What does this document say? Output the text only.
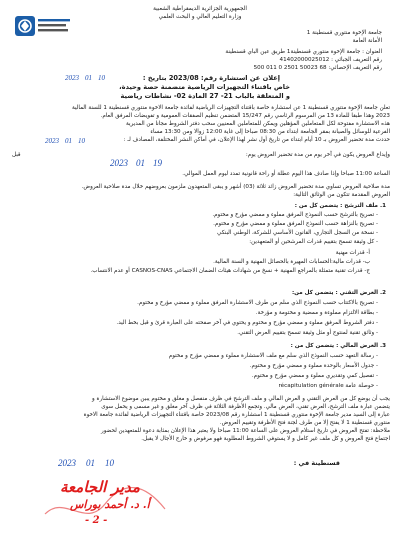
الجمهورية الجزائرية الديمقراطية الشعبية
وزارة التعليم العالي و البحث العلمي
جامعة الإخوة منتوري قسنطينة 1
الأمانة العامة
العنوان : جامعة الإخوة منتوري قسنطينة1 طريق عين الباي قسنطينة
رقم التعريف الجبائي : 41402000025012
رقم التعريف الإحصائي: 68 50023 2501 0 011 500
إعلان عن استشارة رقم: 2023/08 بتاريخ :
2023 01 10
خاص باقتناء التجهيزات الرياضية متضمنة حصة وحيدة،
و المتعلقة بالباب 21- 27 المادة 02- نشاطات رياضية
تعلن جامعة الإخوة منتوري قسنطينة 1 عن استشارة خاصة باقتناء التجهيزات الرياضية لفائدة جامعة الاخوة منتوري قسنطينة 1 للسنة المالية
2023 وهذا طبقا للمادة 13 من المرسوم الرئاسي رقم 15/247 المتضمن تنظيم الصفقات العمومية و تفويضات المرفق العام.
هذه الاستشارة مفتوحة لكل المتعاملين المؤهلين ويمكن للمتعاملين المعنيين سحب دفتر الشروط مجانا من المديرية
الفرعية للوسائل والصيانة بمقر الجامعة ابتداء من 08:30 صباحا إلى غاية 12:00 زوالا ومن 13:30 مساء
حددت مدة تحضير العروض بـ 10 أيام ابتداء من تاريخ أول نشر لهذا الإعلان، في أماكن النشر المختلفة، المصادف لـ :
2023 01 10
وإيداع العروض يكون في آخر يوم من مدة تحضير العروض يوم:
قبل
2023 01 19
الساعة 11:00 صباحا وإذا صادف هذا اليوم عطلة أو راحة قانونية تمدد ليوم العمل الموالي.
مدة صلاحية العروض تساوي مدة تحضير العروض زائد ثلاثة (03) أشهر و يبقى المتعهدون ملزمون بعروضهم خلال مدة صلاحية العروض.
العروض المقدمة تتكون من الوثائق التالية:
1. ملف الترشح : يتضمن كل من :
- تصريح بالترشح حسب النموذج المرفق مملوء و ممضي مؤرخ و مختوم.
- تصريح بالنزاهة حسب النموذج المرفق مملوء و ممضي مؤرخ و مختوم.
- نسخة من السجل التجاري، القانون الأساسي للشركة، الوطني البنكي
- كل وثيقة تسمح بتقييم قدرات المرشحين أو المتعهدين:
أ- قدرات مهنية
ب- قدرات مالية:الحسابات المهيرة بالحصائل المهنية و السنة المالية.
ج- قدرات تقنية متمثلة بالمراجع المهنية + نسخ من شهادات هيئات الضمان الاجتماعي CASNOS-CNAS أو عدم الانتساب.
2. العرض التقني : يتضمن كل من:
- تصريح بالاكتتاب حسب النموذج الذي سلم من طرف الاستشارة المرفق مملوء و ممضي مؤرخ و مختوم.
- بطاقة الالتزام مملوءة و ممضية و مختومة و مؤرخة.
- دفتر الشروط المرفق مملوء و ممضي مؤرخ و مختوم و يحتوي في آخر صفحته على العبارة قرئ و قبل بخط اليد.
- وثائق تقنية لمنتوج أو مثل وثيقة تسمح بتقييم العرض التقني.
3. العرض المالي : يتضمن كل من :
- رسالة التعهد حسب النموذج الذي سلم مع ملف الاستشارة مملوء و ممضي مؤرخ و مختوم
- جدول الأسعار بالوحدة مملوء و ممضي مؤرخ و مختوم.
- تفصيل كمي وتقديري مملوء و ممضي مؤرخ و مختوم.
- حوصلة عامة récapitulation générale
يجب أن يوضع كل من العرض التقني و العرض المالي و ملف الترشح في ظرف منفصل و مغلق و مختوم يبين موضوع الاستشارة و
يتضمن عبارة ملف الترشح، العرض تقني، العرض مالي. وتجمع الأظرفة الثلاثة في ظرف آخر مغلق و غير مسمى و يحمل سوى
عبارة إلى السيد مدير جامعة الإخوة منتوري قسنطينة 1 استشارة رقم 2023/08 خاصة باقتناء التجهيزات الرياضية لفائدة جامعة الاخوة
منتوري قسنطينة 1 لا يفتح إلا من طرف لجنة فتح الأظرفة وتقييم العروض.
ملاحظة: تفتح العروض في تاريخ استلام العروض على الساعة 11:00 صباحا ولا يعتبر هذا الإعلان بمثابة دعوة للمتعهدين لحضور
اجتماع فتح العروض و كل ملف غير كامل و لا يستوفي الشروط المطلوبة فهو مرفوض و خارج الأجال لا يقبل.
قسنطينة في :
2023 01 10
مدير الجامعة
أ. د. أحمد بوراس
- 2 -
